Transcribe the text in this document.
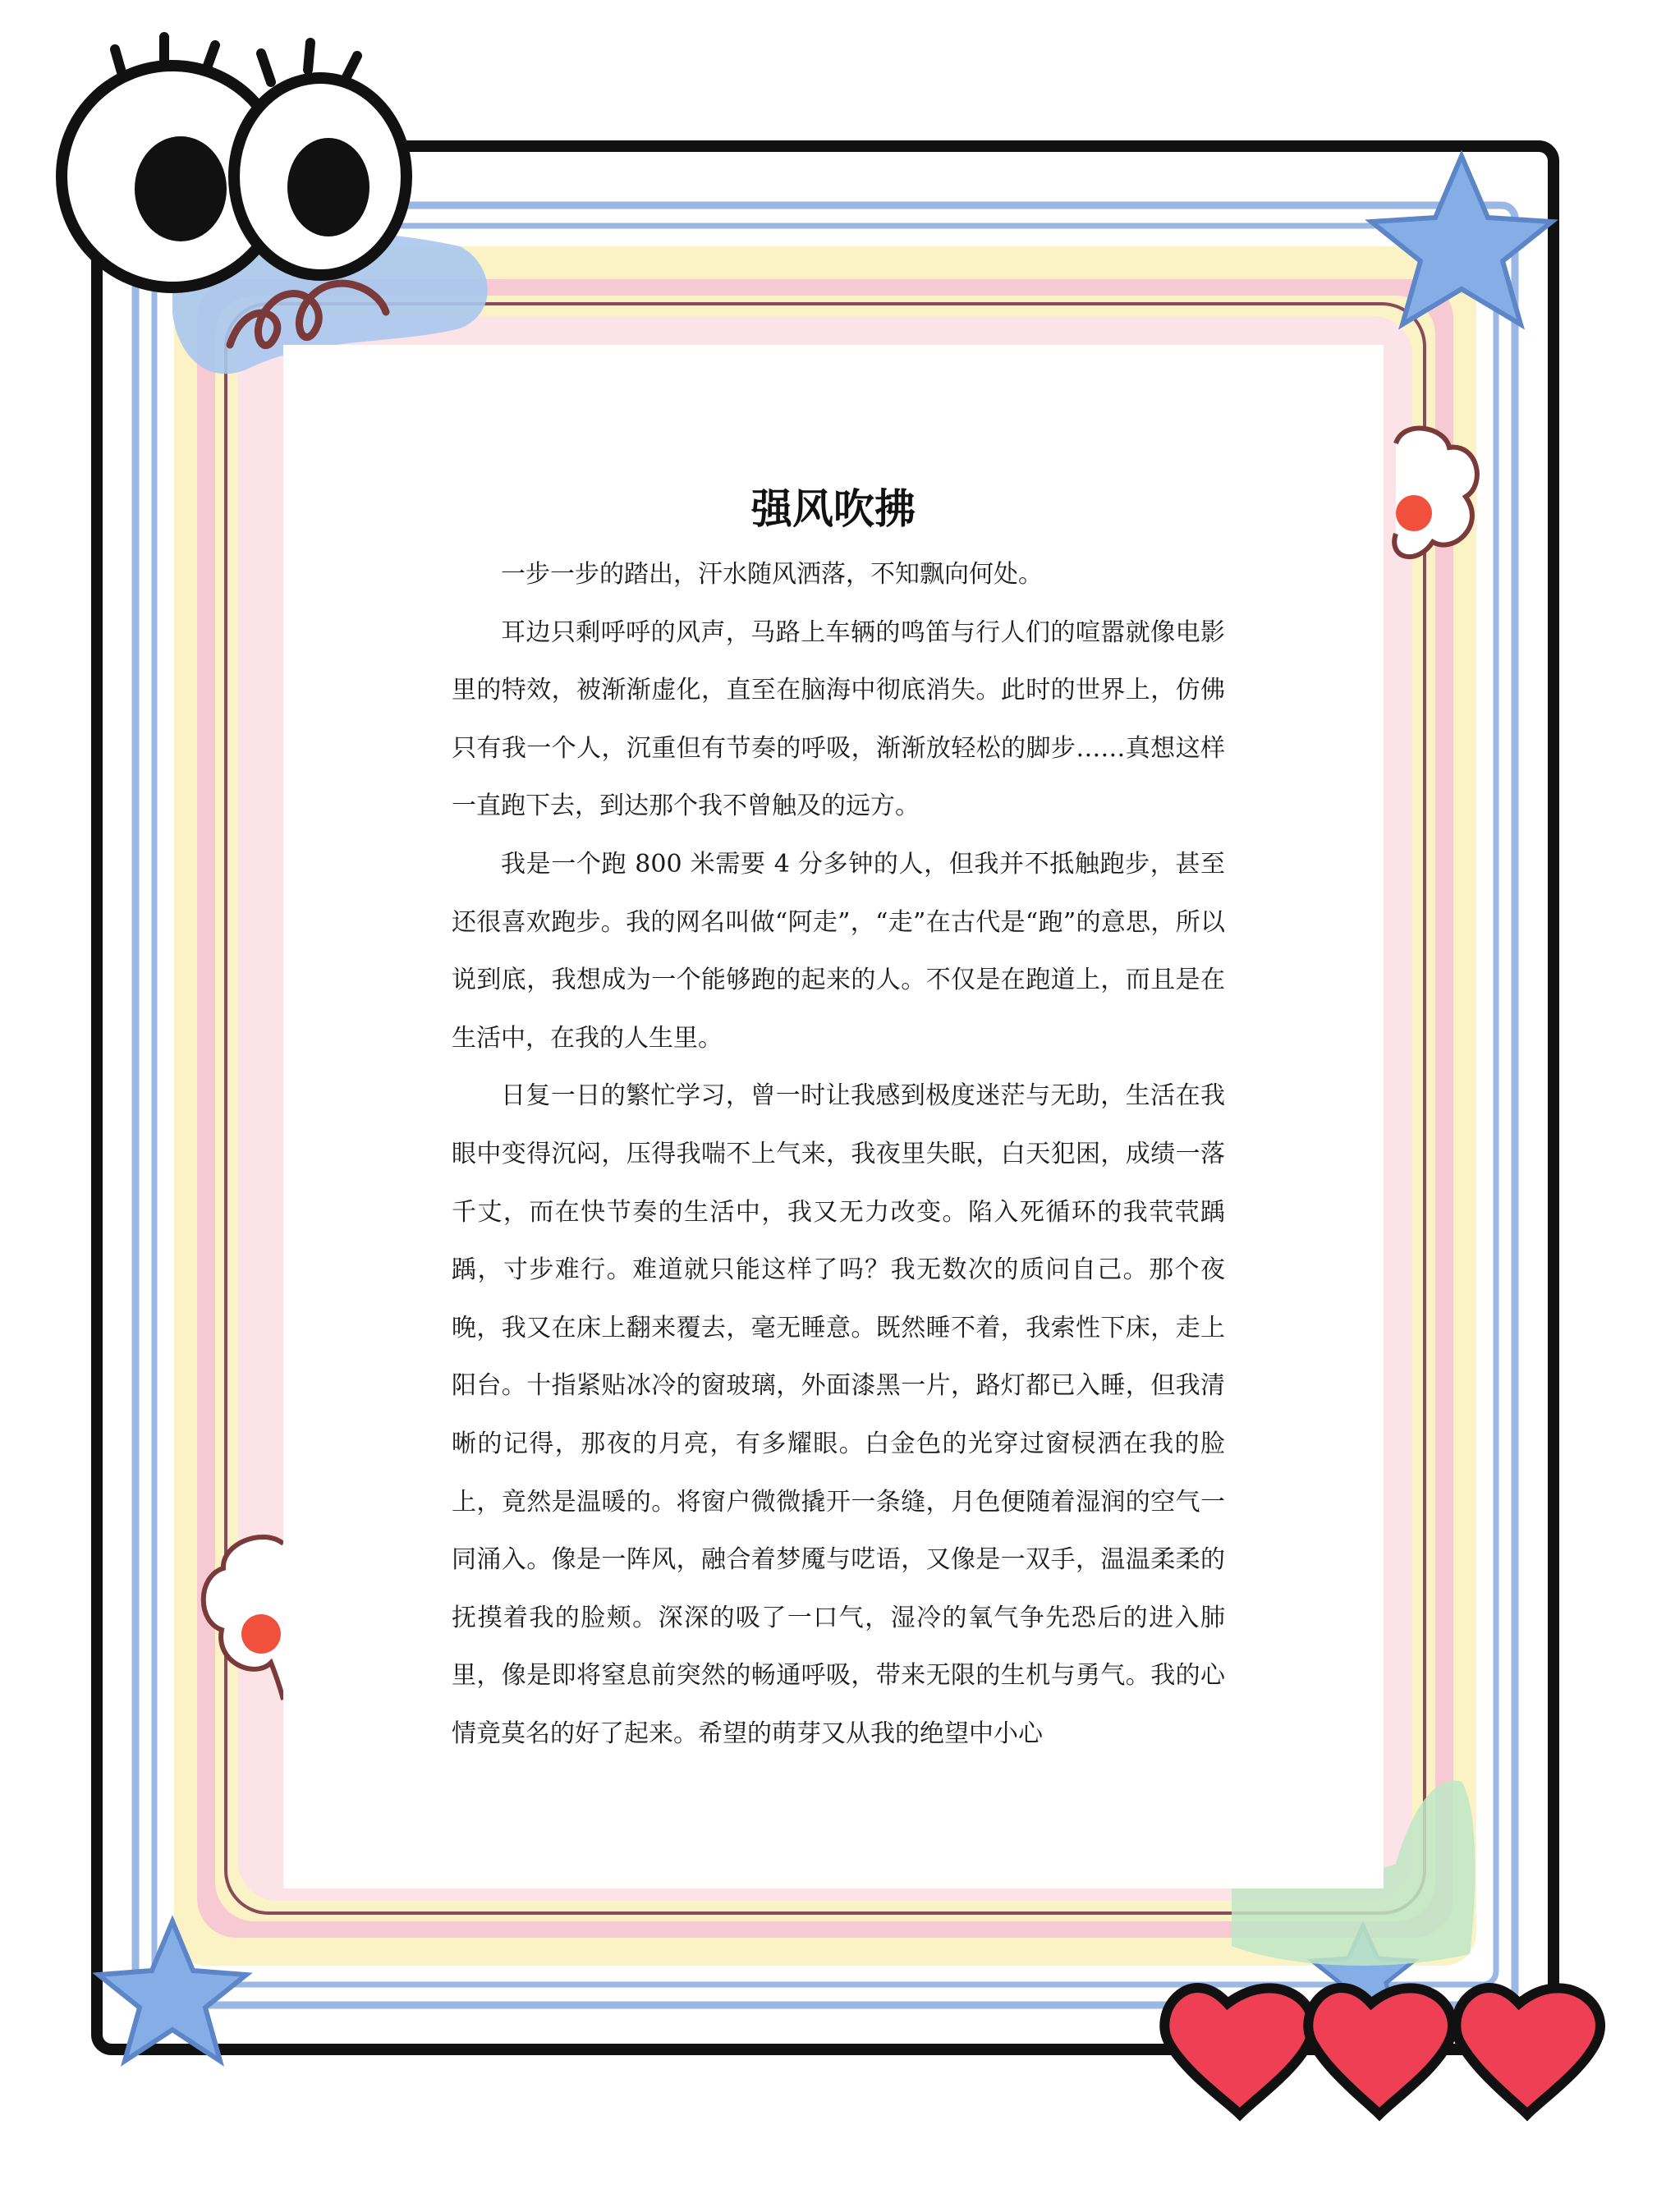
强风吹拂

一步一步的踏出，汗水随风洒落，不知飘向何处。

耳边只剩呼呼的风声，马路上车辆的鸣笛与行人们的喧嚣就像电影里的特效，被渐渐虚化，直至在脑海中彻底消失。此时的世界上，仿佛只有我一个人，沉重但有节奏的呼吸，渐渐放轻松的脚步……真想这样一直跑下去，到达那个我不曾触及的远方。

我是一个跑 800 米需要 4 分多钟的人，但我并不抵触跑步，甚至还很喜欢跑步。我的网名叫做“阿走”，“走”在古代是“跑”的意思，所以说到底，我想成为一个能够跑的起来的人。不仅是在跑道上，而且是在生活中，在我的人生里。

日复一日的繁忙学习，曾一时让我感到极度迷茫与无助，生活在我眼中变得沉闷，压得我喘不上气来，我夜里失眠，白天犯困，成绩一落千丈，而在快节奏的生活中，我又无力改变。陷入死循环的我茕茕踽踽，寸步难行。难道就只能这样了吗？我无数次的质问自己。那个夜晚，我又在床上翻来覆去，毫无睡意。既然睡不着，我索性下床，走上阳台。十指紧贴冰冷的窗玻璃，外面漆黑一片，路灯都已入睡，但我清晰的记得，那夜的月亮，有多耀眼。白金色的光穿过窗棂洒在我的脸上，竟然是温暖的。将窗户微微撬开一条缝，月色便随着湿润的空气一同涌入。像是一阵风，融合着梦魇与呓语，又像是一双手，温温柔柔的抚摸着我的脸颊。深深的吸了一口气，湿冷的氧气争先恐后的进入肺里，像是即将窒息前突然的畅通呼吸，带来无限的生机与勇气。我的心情竟莫名的好了起来。希望的萌芽又从我的绝望中小心
